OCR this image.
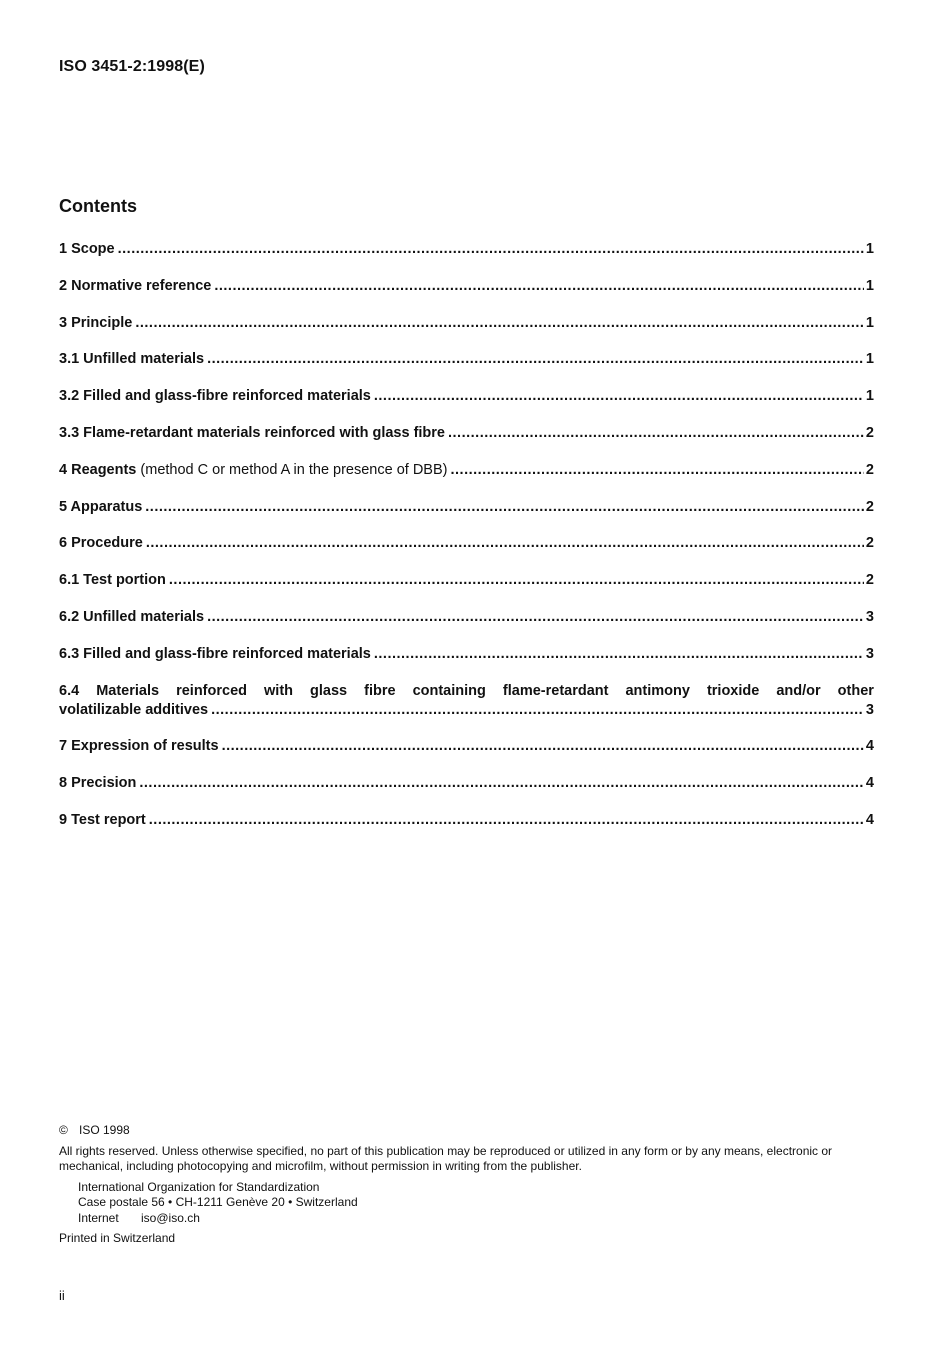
ISO 3451-2:1998(E)
Contents
1 Scope .....	1
2 Normative reference .....	1
3 Principle .....	1
3.1 Unfilled materials .....	1
3.2 Filled and glass-fibre reinforced materials .....	1
3.3 Flame-retardant materials reinforced with glass fibre .....	2
4 Reagents (method C or method A in the presence of DBB) .....	2
5 Apparatus .....	2
6 Procedure .....	2
6.1 Test portion .....	2
6.2 Unfilled materials .....	3
6.3 Filled and glass-fibre reinforced materials .....	3
6.4 Materials reinforced with glass fibre containing flame-retardant antimony trioxide and/or other
volatilizable additives .....	3
7 Expression of results .....	4
8 Precision .....	4
9 Test report .....	4
© ISO 1998
All rights reserved. Unless otherwise specified, no part of this publication may be reproduced or utilized in any form or by any means, electronic or mechanical, including photocopying and microfilm, without permission in writing from the publisher.
International Organization for Standardization
Case postale 56 • CH-1211 Genève 20 • Switzerland
Internet iso@iso.ch
Printed in Switzerland
ii
